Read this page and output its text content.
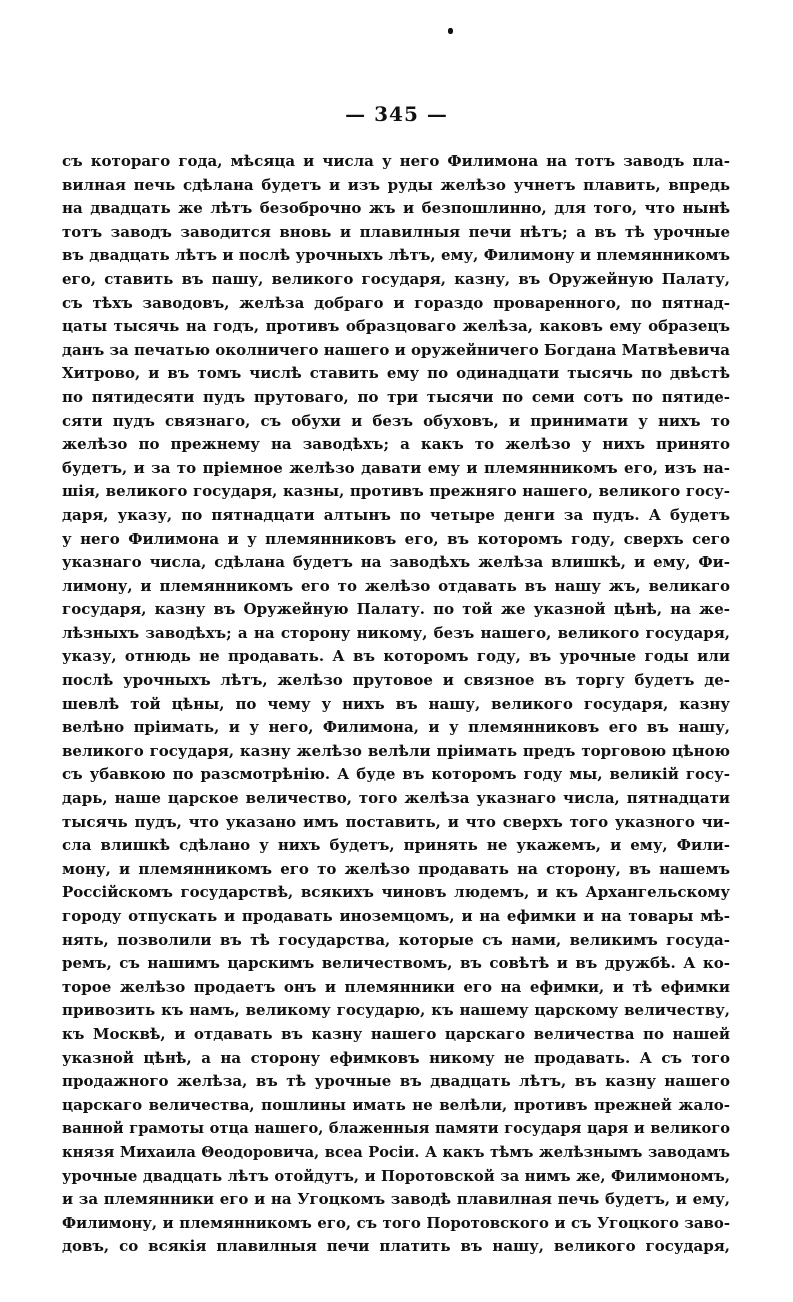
— 345 —
съ котораго года, мѣсяца и числа у него Филимона на тотъ заводъ пла-
вилная печь сдѣлана будетъ и изъ руды желѣзо учнетъ плавить, впредь
на двадцать же лѣтъ безоброчно жъ и безпошлинно, для того, что нынѣ
тотъ заводъ заводится вновь и плавилныя печи нѣтъ; а въ тѣ урочные
въ двадцать лѣтъ и послѣ урочныхъ лѣтъ, ему, Филимону и племянникомъ
его, ставить въ пашу, великого государя, казну, въ Оружейную Палату,
съ тѣхъ заводовъ, желѣза добраго и гораздо проваренного, по пятнад-
цаты тысячь на годъ, противъ образцоваго желѣза, каковъ ему образецъ
данъ за печатью околничего нашего и оружейничего Богдана Матвѣевича
Хитрово, и въ томъ числѣ ставить ему по одинадцати тысячь по двѣстѣ
по пятидесяти пудъ прутоваго, по три тысячи по семи сотъ по пятиде-
сяти пудъ связнаго, съ обухи и безъ обуховъ, и принимати у нихъ то
желѣзо по прежнему на заводѣхъ; а какъ то желѣзо у нихъ принято
будетъ, и за то прiемное желѣзо давати ему и племянникомъ его, изъ на-
шiя, великого государя, казны, противъ прежняго нашего, великого госу-
даря, указу, по пятнадцати алтынъ по четыре денги за пудъ. А будетъ
у него Филимона и у племянниковъ его, въ которомъ году, сверхъ сего
указнаго числа, сдѣлана будетъ на заводѣхъ желѣза влишкѣ, и ему, Фи-
лимону, и племянникомъ его то желѣзо отдавать въ нашу жъ, великаго
государя, казну въ Оружейную Палату. по той же указной цѣнѣ, на же-
лѣзныхъ заводѣхъ; а на сторону никому, безъ нашего, великого государя,
указу, отнюдь не продавать. А въ которомъ году, въ урочные годы или
послѣ урочныхъ лѣтъ, желѣзо прутовое и связное въ торгу будетъ де-
шевлѣ той цѣны, по чему у нихъ въ нашу, великого государя, казну
велѣно прiимать, и у него, Филимона, и у племянниковъ его въ нашу,
великого государя, казну желѣзо велѣли прiимать предъ торговою цѣною
съ убавкою по разсмотрѣнiю. А буде въ которомъ году мы, великiй госу-
дарь, наше царское величество, того желѣза указнаго числа, пятнадцати
тысячь пудъ, что указано имъ поставить, и что сверхъ того указного чи-
сла влишкѣ сдѣлано у нихъ будетъ, принять не укажемъ, и ему, Фили-
мону, и племянникомъ его то желѣзо продавать на сторону, въ нашемъ
Россiйскомъ государствѣ, всякихъ чиновъ людемъ, и къ Архангельскому
городу отпускать и продавать иноземцомъ, и на ефимки и на товары мѣ-
нять, позволили въ тѣ государства, которые съ нами, великимъ госуда-
ремъ, съ нашимъ царскимъ величествомъ, въ совѣтѣ и въ дружбѣ. А ко-
торое желѣзо продаетъ онъ и племянники его на ефимки, и тѣ ефимки
привозить къ намъ, великому государю, къ нашему царскому величеству,
къ Москвѣ, и отдавать въ казну нашего царскаго величества по нашей
указной цѣнѣ, а на сторону ефимковъ никому не продавать. А съ того
продажного желѣза, въ тѣ урочные въ двадцать лѣтъ, въ казну нашего
царскаго величества, пошлины имать не велѣли, противъ прежней жало-
ванной грамоты отца нашего, блаженныя памяти государя царя и великого
князя Михаила Θеодоровича, всеа Росiи. А какъ тѣмъ желѣзнымъ заводамъ
урочные двадцать лѣтъ отойдутъ, и Поротовской за нимъ же, Филимономъ,
и за племянники его и на Угоцкомъ заводѣ плавилная печь будетъ, и ему,
Филимону, и племянникомъ его, съ того Поротовского и съ Угоцкого заво-
довъ, со всякiя плавилныя печи платить въ нашу, великого государя,
